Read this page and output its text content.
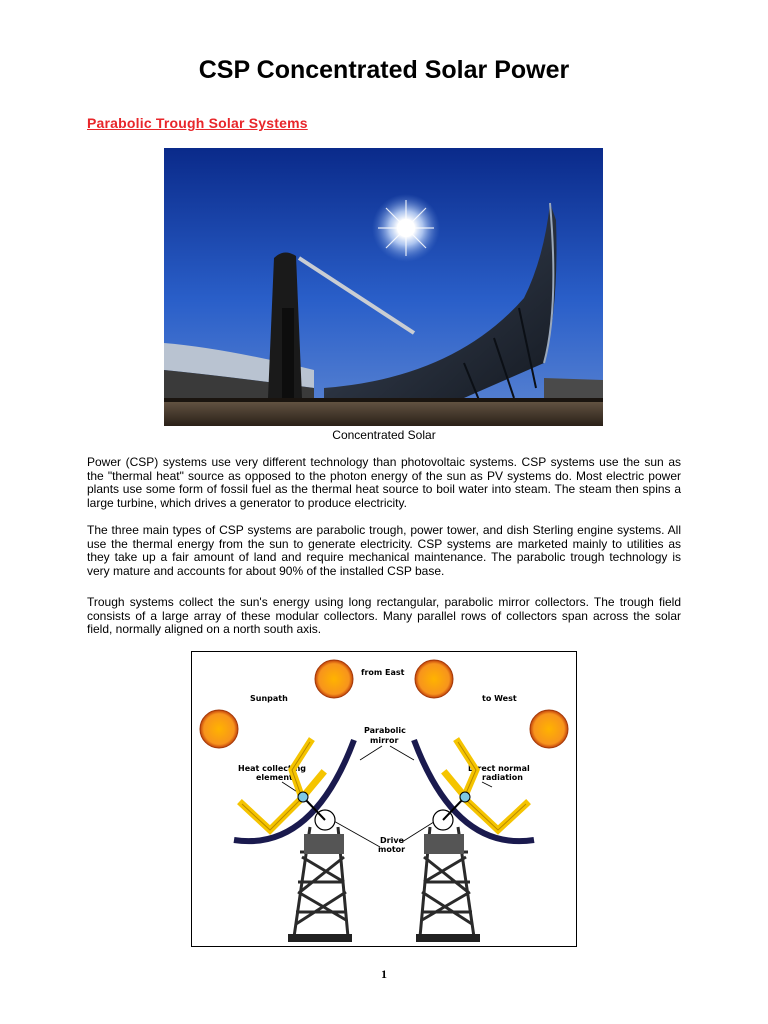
CSP Concentrated Solar Power
Parabolic Trough Solar Systems

Concentrated Solar

Power (CSP) systems use very different technology than photovoltaic systems. CSP systems use the sun as the "thermal heat" source as opposed to the photon energy of the sun as PV systems do. Most electric power plants use some form of fossil fuel as the thermal heat source to boil water into steam. The steam then spins a large turbine, which drives a generator to produce electricity.

The three main types of CSP systems are parabolic trough, power tower, and dish Sterling engine systems. All use the thermal energy from the sun to generate electricity. CSP systems are marketed mainly to utilities as they take up a fair amount of land and require mechanical maintenance. The parabolic trough technology is very mature and accounts for about 90% of the installed CSP base.

Trough systems collect the sun's energy using long rectangular, parabolic mirror collectors. The trough field consists of a large array of these modular collectors. Many parallel rows of collectors span across the solar field, normally aligned on a north south axis.

from East
Sunpath	to West
Parabolic
mirror
Heat collecting
element
Direct normal
radiation
Drive
motor

1
